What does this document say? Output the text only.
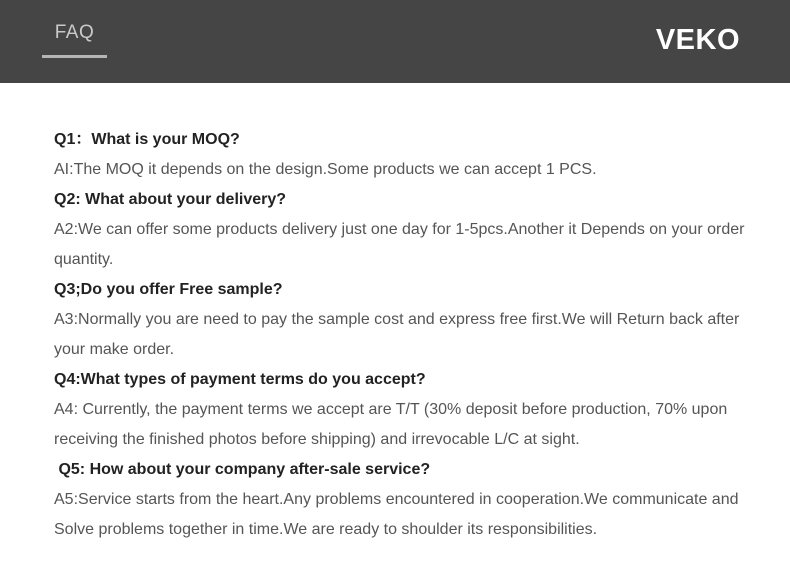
FAQ	VEKO
Q1：What is your MOQ?
AI:The MOQ it depends on the design.Some products we can accept 1 PCS.
Q2: What about your delivery?
A2:We can offer some products delivery just one day for 1-5pcs.Another it Depends on your order quantity.
Q3;Do you offer Free sample?
A3:Normally you are need to pay the sample cost and express free first.We will Return back after your make order.
Q4:What types of payment terms do you accept?
A4: Currently, the payment terms we accept are T/T (30% deposit before production, 70% upon receiving the finished photos before shipping) and irrevocable L/C at sight.
Q5: How about your company after-sale service?
A5:Service starts from the heart.Any problems encountered in cooperation.We communicate and Solve problems together in time.We are ready to shoulder its responsibilities.
